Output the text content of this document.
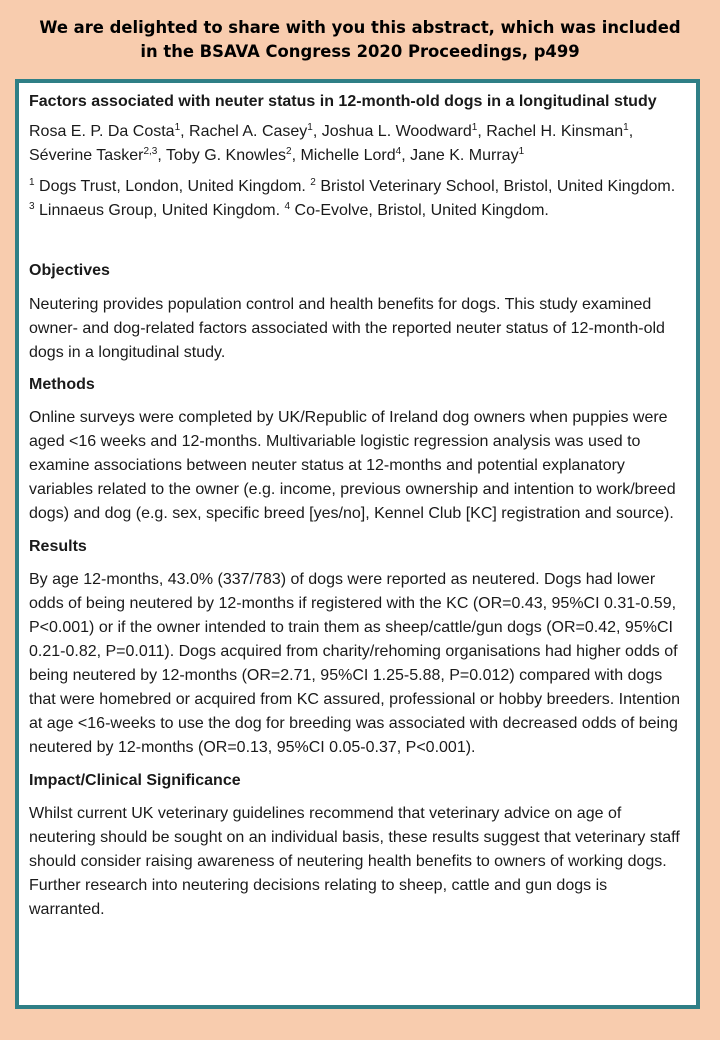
We are delighted to share with you this abstract, which was included
in the BSAVA Congress 2020 Proceedings, p499
Factors associated with neuter status in 12-month-old dogs in a longitudinal study

Rosa E. P. Da Costa$^1$, Rachel A. Casey$^1$, Joshua L. Woodward$^1$, Rachel H. Kinsman$^1$,
Séverine Tasker$^{2,3}$, Toby G. Knowles$^2$, Michelle Lord$^4$, Jane K. Murray$^1$

$^1$ Dogs Trust, London, United Kingdom. $^2$ Bristol Veterinary School, Bristol, United Kingdom.
$^3$ Linnaeus Group, United Kingdom. $^4$ Co-Evolve, Bristol, United Kingdom.

Objectives

Neutering provides population control and health benefits for dogs. This study examined owner- and dog-related factors associated with the reported neuter status of 12-month-old dogs in a longitudinal study.

Methods

Online surveys were completed by UK/Republic of Ireland dog owners when puppies were aged <16 weeks and 12-months. Multivariable logistic regression analysis was used to examine associations between neuter status at 12-months and potential explanatory variables related to the owner (e.g. income, previous ownership and intention to work/breed dogs) and dog (e.g. sex, specific breed [yes/no], Kennel Club [KC] registration and source).

Results

By age 12-months, 43.0% (337/783) of dogs were reported as neutered. Dogs had lower odds of being neutered by 12-months if registered with the KC (OR=0.43, 95%CI 0.31-0.59, P<0.001) or if the owner intended to train them as sheep/cattle/gun dogs (OR=0.42, 95%CI 0.21-0.82, P=0.011). Dogs acquired from charity/rehoming organisations had higher odds of being neutered by 12-months (OR=2.71, 95%CI 1.25-5.88, P=0.012) compared with dogs that were homebred or acquired from KC assured, professional or hobby breeders. Intention at age <16-weeks to use the dog for breeding was associated with decreased odds of being neutered by 12-months (OR=0.13, 95%CI 0.05-0.37, P<0.001).

Impact/Clinical Significance

Whilst current UK veterinary guidelines recommend that veterinary advice on age of neutering should be sought on an individual basis, these results suggest that veterinary staff should consider raising awareness of neutering health benefits to owners of working dogs. Further research into neutering decisions relating to sheep, cattle and gun dogs is warranted.
